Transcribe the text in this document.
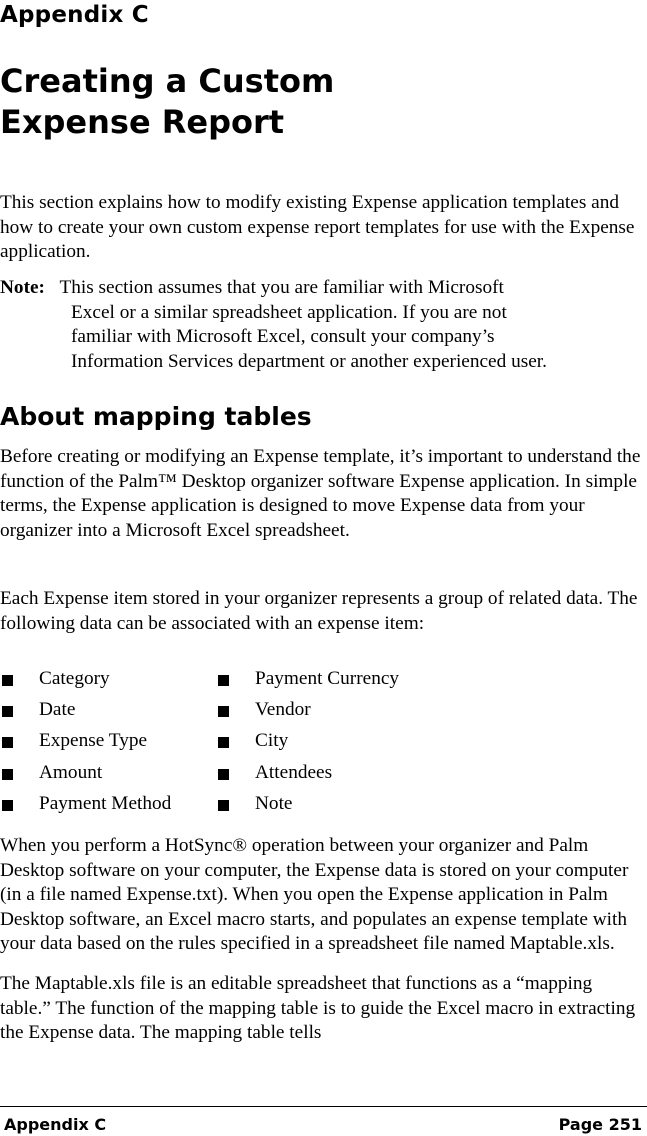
Appendix C
Creating a Custom
Expense Report

This section explains how to modify existing Expense application templates and how to create your own custom expense report templates for use with the Expense application.

Note: This section assumes that you are familiar with Microsoft
Excel or a similar spreadsheet application. If you are not
familiar with Microsoft Excel, consult your company’s
Information Services department or another experienced user.
About mapping tables

Before creating or modifying an Expense template, it’s important to understand the function of the Palm™ Desktop organizer software Expense application. In simple terms, the Expense application is designed to move Expense data from your organizer into a Microsoft Excel spreadsheet.

Each Expense item stored in your organizer represents a group of related data. The following data can be associated with an expense item:

Category	Payment Currency
Date	Vendor
Expense Type	City
Amount	Attendees
Payment Method	Note

When you perform a HotSync® operation between your organizer and Palm Desktop software on your computer, the Expense data is stored on your computer (in a file named Expense.txt). When you open the Expense application in Palm Desktop software, an Excel macro starts, and populates an expense template with your data based on the rules specified in a spreadsheet file named Maptable.xls.

The Maptable.xls file is an editable spreadsheet that functions as a “mapping table.” The function of the mapping table is to guide the Excel macro in extracting the Expense data. The mapping table tells

Appendix C	Page 251
